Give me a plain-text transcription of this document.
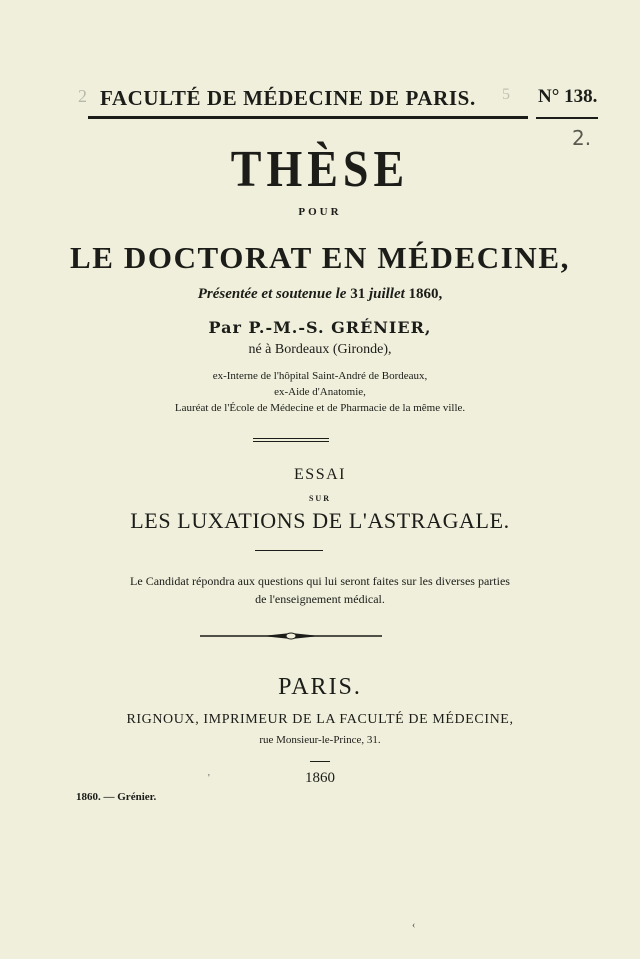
2 FACULTÉ DE MÉDECINE DE PARIS. 5 N° 138.
2.
THÈSE
POUR
LE DOCTORAT EN MÉDECINE,
Présentée et soutenue le 31 juillet 1860,
Par P.-M.-S. GRÉNIER,
né à Bordeaux (Gironde),
ex-Interne de l'hôpital Saint-André de Bordeaux,
ex-Aide d'Anatomie,
Lauréat de l'École de Médecine et de Pharmacie de la même ville.
ESSAI
SUR
LES LUXATIONS DE L'ASTRAGALE.
Le Candidat répondra aux questions qui lui seront faites sur les diverses parties
de l'enseignement médical.
PARIS.
RIGNOUX, IMPRIMEUR DE LA FACULTÉ DE MÉDECINE,
rue Monsieur-le-Prince, 31.
1860
'
1860. — Grénier.
‹
